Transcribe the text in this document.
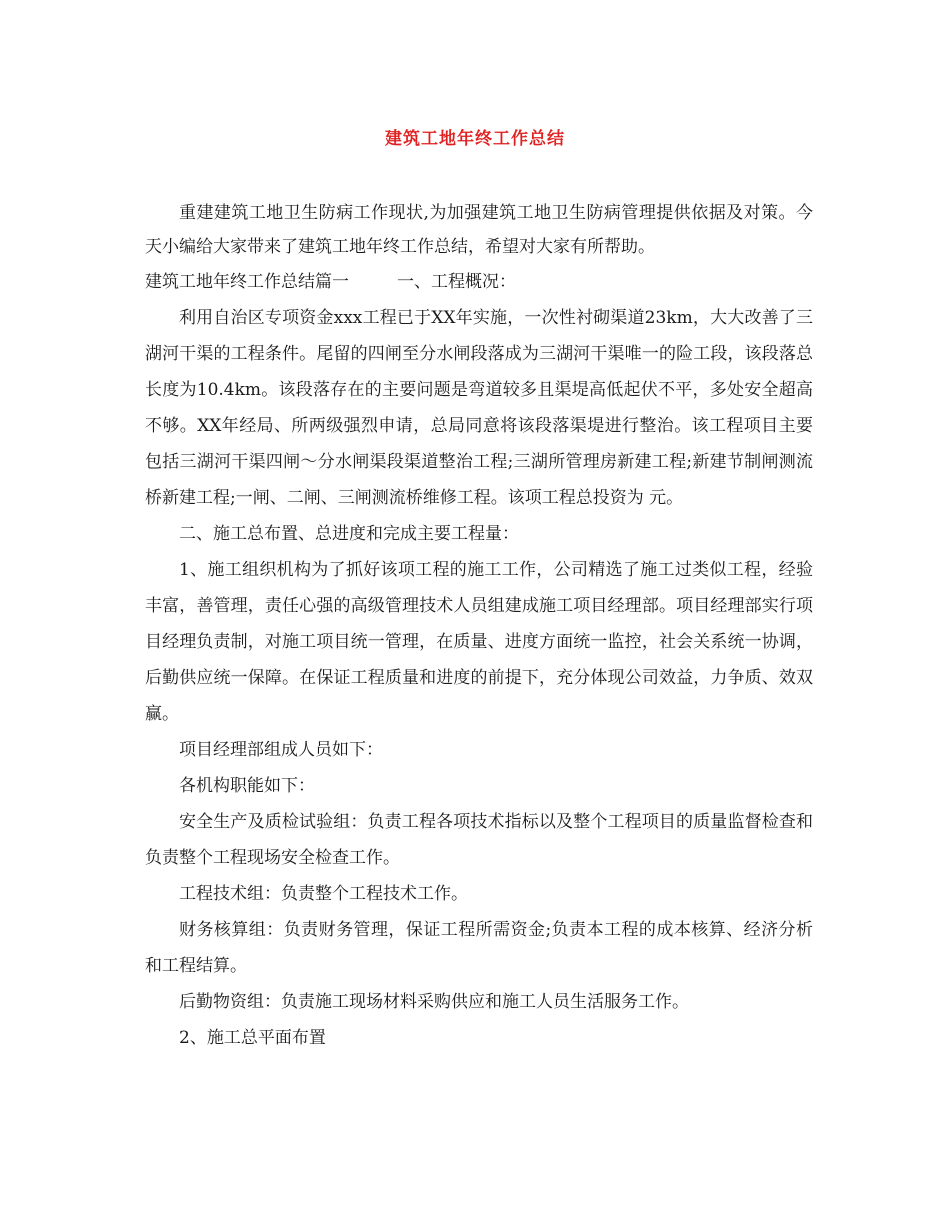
建筑工地年终工作总结

重建建筑工地卫生防病工作现状,为加强建筑工地卫生防病管理提供依据及对策。今天小编给大家带来了建筑工地年终工作总结，希望对大家有所帮助。

建筑工地年终工作总结篇一	一、工程概况：

利用自治区专项资金xxx工程已于XX年实施，一次性衬砌渠道23km，大大改善了三湖河干渠的工程条件。尾留的四闸至分水闸段落成为三湖河干渠唯一的险工段，该段落总长度为10.4km。该段落存在的主要问题是弯道较多且渠堤高低起伏不平，多处安全超高不够。XX年经局、所两级强烈申请，总局同意将该段落渠堤进行整治。该工程项目主要包括三湖河干渠四闸～分水闸渠段渠道整治工程;三湖所管理房新建工程;新建节制闸测流桥新建工程;一闸、二闸、三闸测流桥维修工程。该项工程总投资为 元。

二、施工总布置、总进度和完成主要工程量：

1、施工组织机构为了抓好该项工程的施工工作，公司精选了施工过类似工程，经验丰富，善管理，责任心强的高级管理技术人员组建成施工项目经理部。项目经理部实行项目经理负责制，对施工项目统一管理，在质量、进度方面统一监控，社会关系统一协调，后勤供应统一保障。在保证工程质量和进度的前提下，充分体现公司效益，力争质、效双赢。

项目经理部组成人员如下：

各机构职能如下：

安全生产及质检试验组：负责工程各项技术指标以及整个工程项目的质量监督检查和负责整个工程现场安全检查工作。

工程技术组：负责整个工程技术工作。

财务核算组：负责财务管理，保证工程所需资金;负责本工程的成本核算、经济分析和工程结算。

后勤物资组：负责施工现场材料采购供应和施工人员生活服务工作。

2、施工总平面布置
